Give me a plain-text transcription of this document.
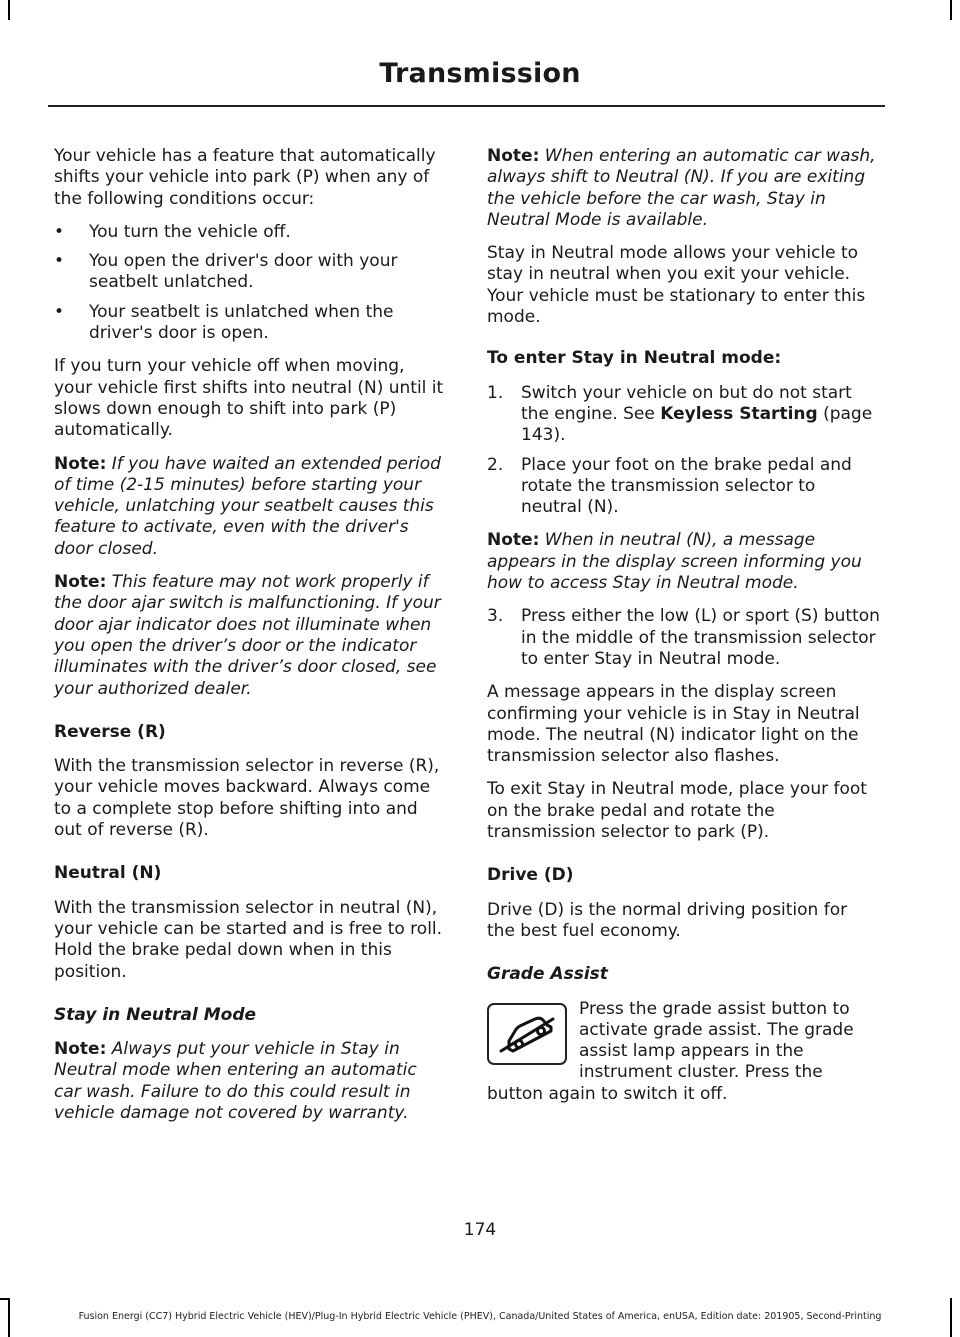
Transmission

Your vehicle has a feature that automatically shifts your vehicle into park (P) when any of the following conditions occur:

• You turn the vehicle off.
• You open the driver's door with your seatbelt unlatched.
• Your seatbelt is unlatched when the driver's door is open.

If you turn your vehicle off when moving, your vehicle first shifts into neutral (N) until it slows down enough to shift into park (P) automatically.

Note: If you have waited an extended period of time (2-15 minutes) before starting your vehicle, unlatching your seatbelt causes this feature to activate, even with the driver's door closed.

Note: This feature may not work properly if the door ajar switch is malfunctioning. If your door ajar indicator does not illuminate when you open the driver’s door or the indicator illuminates with the driver’s door closed, see your authorized dealer.

Reverse (R)

With the transmission selector in reverse (R), your vehicle moves backward. Always come to a complete stop before shifting into and out of reverse (R).

Neutral (N)

With the transmission selector in neutral (N), your vehicle can be started and is free to roll. Hold the brake pedal down when in this position.

Stay in Neutral Mode

Note: Always put your vehicle in Stay in Neutral mode when entering an automatic car wash. Failure to do this could result in vehicle damage not covered by warranty.

Note: When entering an automatic car wash, always shift to Neutral (N). If you are exiting the vehicle before the car wash, Stay in Neutral Mode is available.

Stay in Neutral mode allows your vehicle to stay in neutral when you exit your vehicle. Your vehicle must be stationary to enter this mode.

To enter Stay in Neutral mode:
1. Switch your vehicle on but do not start the engine. See Keyless Starting (page 143).
2. Place your foot on the brake pedal and rotate the transmission selector to neutral (N).

Note: When in neutral (N), a message appears in the display screen informing you how to access Stay in Neutral mode.

3. Press either the low (L) or sport (S) button in the middle of the transmission selector to enter Stay in Neutral mode.

A message appears in the display screen confirming your vehicle is in Stay in Neutral mode. The neutral (N) indicator light on the transmission selector also flashes.

To exit Stay in Neutral mode, place your foot on the brake pedal and rotate the transmission selector to park (P).

Drive (D)

Drive (D) is the normal driving position for the best fuel economy.

Grade Assist
Press the grade assist button to activate grade assist. The grade assist lamp appears in the instrument cluster. Press the button again to switch it off.
174
Fusion Energi (CC7) Hybrid Electric Vehicle (HEV)/Plug-In Hybrid Electric Vehicle (PHEV), Canada/United States of America, enUSA, Edition date: 201905, Second-Printing
